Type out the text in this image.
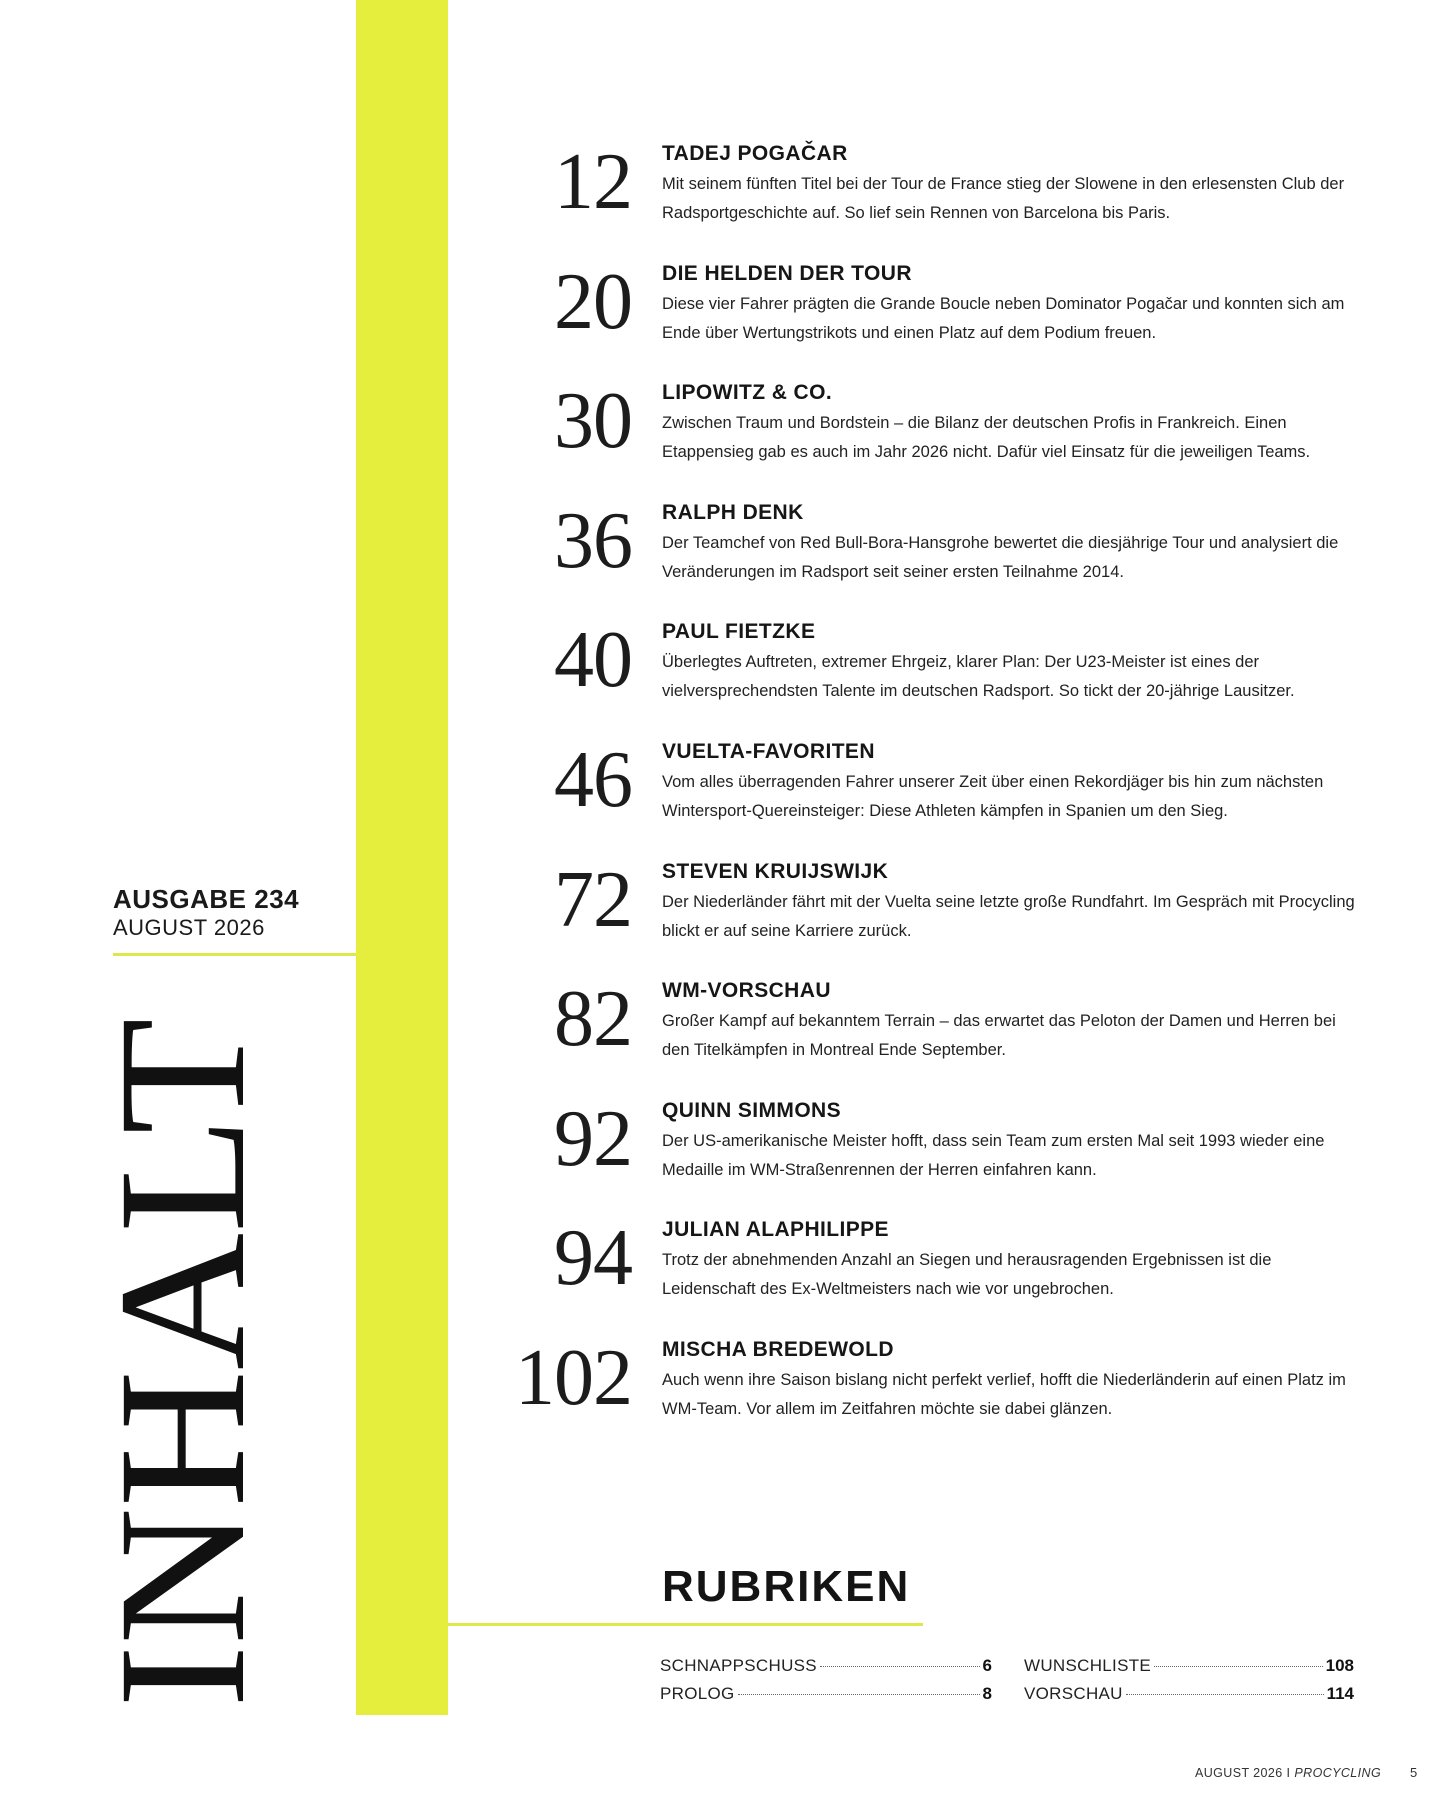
AUSGABE 234
AUGUST 2026
INHALT
12 TADEJ POGAČAR
Mit seinem fünften Titel bei der Tour de France stieg der Slowene in den erlesensten Club der Radsportgeschichte auf. So lief sein Rennen von Barcelona bis Paris.
20 DIE HELDEN DER TOUR
Diese vier Fahrer prägten die Grande Boucle neben Dominator Pogačar und konnten sich am Ende über Wertungstrikots und einen Platz auf dem Podium freuen.
30 LIPOWITZ & CO.
Zwischen Traum und Bordstein – die Bilanz der deutschen Profis in Frankreich. Einen Etappensieg gab es auch im Jahr 2026 nicht. Dafür viel Einsatz für die jeweiligen Teams.
36 RALPH DENK
Der Teamchef von Red Bull-Bora-Hansgrohe bewertet die diesjährige Tour und analysiert die Veränderungen im Radsport seit seiner ersten Teilnahme 2014.
40 PAUL FIETZKE
Überlegtes Auftreten, extremer Ehrgeiz, klarer Plan: Der U23-Meister ist eines der vielversprechendsten Talente im deutschen Radsport. So tickt der 20-jährige Lausitzer.
46 VUELTA-FAVORITEN
Vom alles überragenden Fahrer unserer Zeit über einen Rekordjäger bis hin zum nächsten Wintersport-Quereinsteiger: Diese Athleten kämpfen in Spanien um den Sieg.
72 STEVEN KRUIJSWIJK
Der Niederländer fährt mit der Vuelta seine letzte große Rundfahrt. Im Gespräch mit Procycling blickt er auf seine Karriere zurück.
82 WM-VORSCHAU
Großer Kampf auf bekanntem Terrain – das erwartet das Peloton der Damen und Herren bei den Titelkämpfen in Montreal Ende September.
92 QUINN SIMMONS
Der US-amerikanische Meister hofft, dass sein Team zum ersten Mal seit 1993 wieder eine Medaille im WM-Straßenrennen der Herren einfahren kann.
94 JULIAN ALAPHILIPPE
Trotz der abnehmenden Anzahl an Siegen und herausragenden Ergebnissen ist die Leidenschaft des Ex-Weltmeisters nach wie vor ungebrochen.
102 MISCHA BREDEWOLD
Auch wenn ihre Saison bislang nicht perfekt verlief, hofft die Niederländerin auf einen Platz im WM-Team. Vor allem im Zeitfahren möchte sie dabei glänzen.
RUBRIKEN
SCHNAPPSCHUSS	6
PROLOG	8
WUNSCHLISTE	108
VORSCHAU	114
AUGUST 2026 I PROCYCLING 5
